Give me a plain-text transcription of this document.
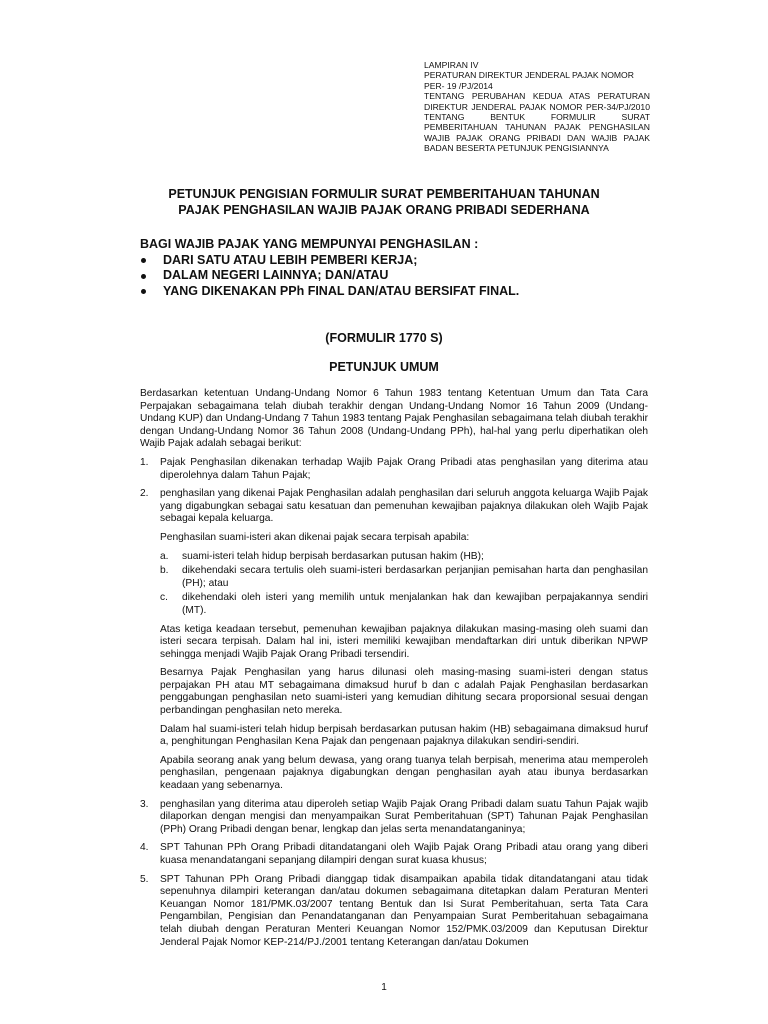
LAMPIRAN IV
PERATURAN DIREKTUR JENDERAL PAJAK NOMOR
PER- 19 /PJ/2014
TENTANG PERUBAHAN KEDUA ATAS PERATURAN DIREKTUR JENDERAL PAJAK NOMOR PER-34/PJ/2010 TENTANG BENTUK FORMULIR SURAT PEMBERITAHUAN TAHUNAN PAJAK PENGHASILAN WAJIB PAJAK ORANG PRIBADI DAN WAJIB PAJAK BADAN BESERTA PETUNJUK PENGISIANNYA
PETUNJUK PENGISIAN FORMULIR SURAT PEMBERITAHUAN TAHUNAN
PAJAK PENGHASILAN WAJIB PAJAK ORANG PRIBADI SEDERHANA
BAGI WAJIB PAJAK YANG MEMPUNYAI PENGHASILAN :
DARI SATU ATAU LEBIH PEMBERI KERJA;
DALAM NEGERI LAINNYA; DAN/ATAU
YANG DIKENAKAN PPh FINAL DAN/ATAU BERSIFAT FINAL.
(FORMULIR 1770 S)
PETUNJUK UMUM

Berdasarkan ketentuan Undang-Undang Nomor 6 Tahun 1983 tentang Ketentuan Umum dan Tata Cara Perpajakan sebagaimana telah diubah terakhir dengan Undang-Undang Nomor 16 Tahun 2009 (Undang-Undang KUP) dan Undang-Undang 7 Tahun 1983 tentang Pajak Penghasilan sebagaimana telah diubah terakhir dengan Undang-Undang Nomor 36 Tahun 2008 (Undang-Undang PPh), hal-hal yang perlu diperhatikan oleh Wajib Pajak adalah sebagai berikut:

1. Pajak Penghasilan dikenakan terhadap Wajib Pajak Orang Pribadi atas penghasilan yang diterima atau diperolehnya dalam Tahun Pajak;

2. penghasilan yang dikenai Pajak Penghasilan adalah penghasilan dari seluruh anggota keluarga Wajib Pajak yang digabungkan sebagai satu kesatuan dan pemenuhan kewajiban pajaknya dilakukan oleh Wajib Pajak sebagai kepala keluarga.

Penghasilan suami-isteri akan dikenai pajak secara terpisah apabila:

a. suami-isteri telah hidup berpisah berdasarkan putusan hakim (HB);

b. dikehendaki secara tertulis oleh suami-isteri berdasarkan perjanjian pemisahan harta dan penghasilan (PH); atau

c. dikehendaki oleh isteri yang memilih untuk menjalankan hak dan kewajiban perpajakannya sendiri (MT).

Atas ketiga keadaan tersebut, pemenuhan kewajiban pajaknya dilakukan masing-masing oleh suami dan isteri secara terpisah. Dalam hal ini, isteri memiliki kewajiban mendaftarkan diri untuk diberikan NPWP sehingga menjadi Wajib Pajak Orang Pribadi tersendiri.

Besarnya Pajak Penghasilan yang harus dilunasi oleh masing-masing suami-isteri dengan status perpajakan PH atau MT sebagaimana dimaksud huruf b dan c adalah Pajak Penghasilan berdasarkan penggabungan penghasilan neto suami-isteri yang kemudian dihitung secara proporsional sesuai dengan perbandingan penghasilan neto mereka.

Dalam hal suami-isteri telah hidup berpisah berdasarkan putusan hakim (HB) sebagaimana dimaksud huruf a, penghitungan Penghasilan Kena Pajak dan pengenaan pajaknya dilakukan sendiri-sendiri.

Apabila seorang anak yang belum dewasa, yang orang tuanya telah berpisah, menerima atau memperoleh penghasilan, pengenaan pajaknya digabungkan dengan penghasilan ayah atau ibunya berdasarkan keadaan yang sebenarnya.

3. penghasilan yang diterima atau diperoleh setiap Wajib Pajak Orang Pribadi dalam suatu Tahun Pajak wajib dilaporkan dengan mengisi dan menyampaikan Surat Pemberitahuan (SPT) Tahunan Pajak Penghasilan (PPh) Orang Pribadi dengan benar, lengkap dan jelas serta menandatanganinya;

4. SPT Tahunan PPh Orang Pribadi ditandatangani oleh Wajib Pajak Orang Pribadi atau orang yang diberi kuasa menandatangani sepanjang dilampiri dengan surat kuasa khusus;

5. SPT Tahunan PPh Orang Pribadi dianggap tidak disampaikan apabila tidak ditandatangani atau tidak sepenuhnya dilampiri keterangan dan/atau dokumen sebagaimana ditetapkan dalam Peraturan Menteri Keuangan Nomor 181/PMK.03/2007 tentang Bentuk dan Isi Surat Pemberitahuan, serta Tata Cara Pengambilan, Pengisian dan Penandatanganan dan Penyampaian Surat Pemberitahuan sebagaimana telah diubah dengan Peraturan Menteri Keuangan Nomor 152/PMK.03/2009 dan Keputusan Direktur Jenderal Pajak Nomor KEP-214/PJ./2001 tentang Keterangan dan/atau Dokumen

1
